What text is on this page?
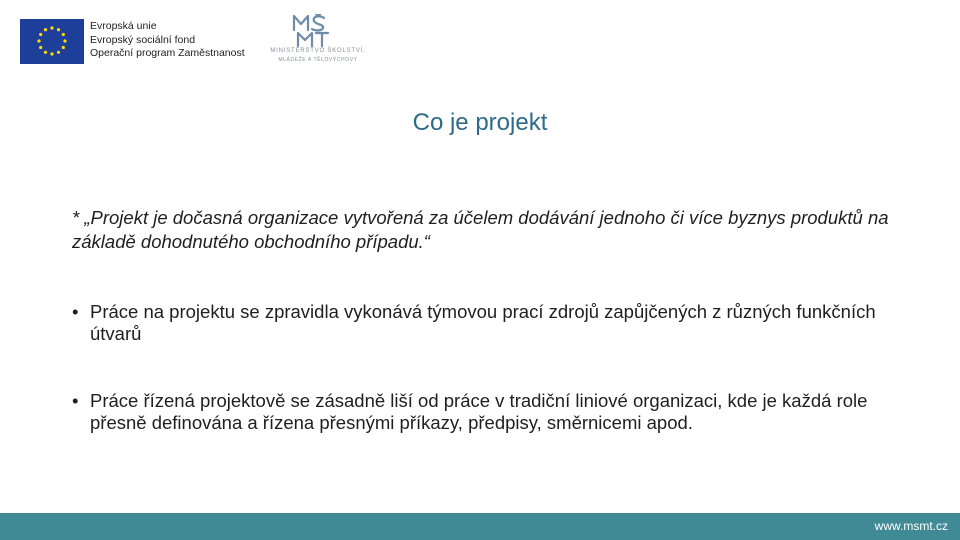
Evropská unie
Evropský sociální fond
Operační program Zaměstnanost	MINISTERSTVO ŠKOLSTVÍ,
MLÁDEŽE A TĚLOVÝCHOVY
Co je projekt
* „Projekt je dočasná organizace vytvořená za účelem dodávání jednoho či více byznys produktů na základě dohodnutého obchodního případu.“
• Práce na projektu se zpravidla vykonává týmovou prací zdrojů zapůjčených z různých funkčních útvarů
• Práce řízená projektově se zásadně liší od práce v tradiční liniové organizaci, kde je každá role přesně definována a řízena přesnými příkazy, předpisy, směrnicemi apod.
www.msmt.cz
